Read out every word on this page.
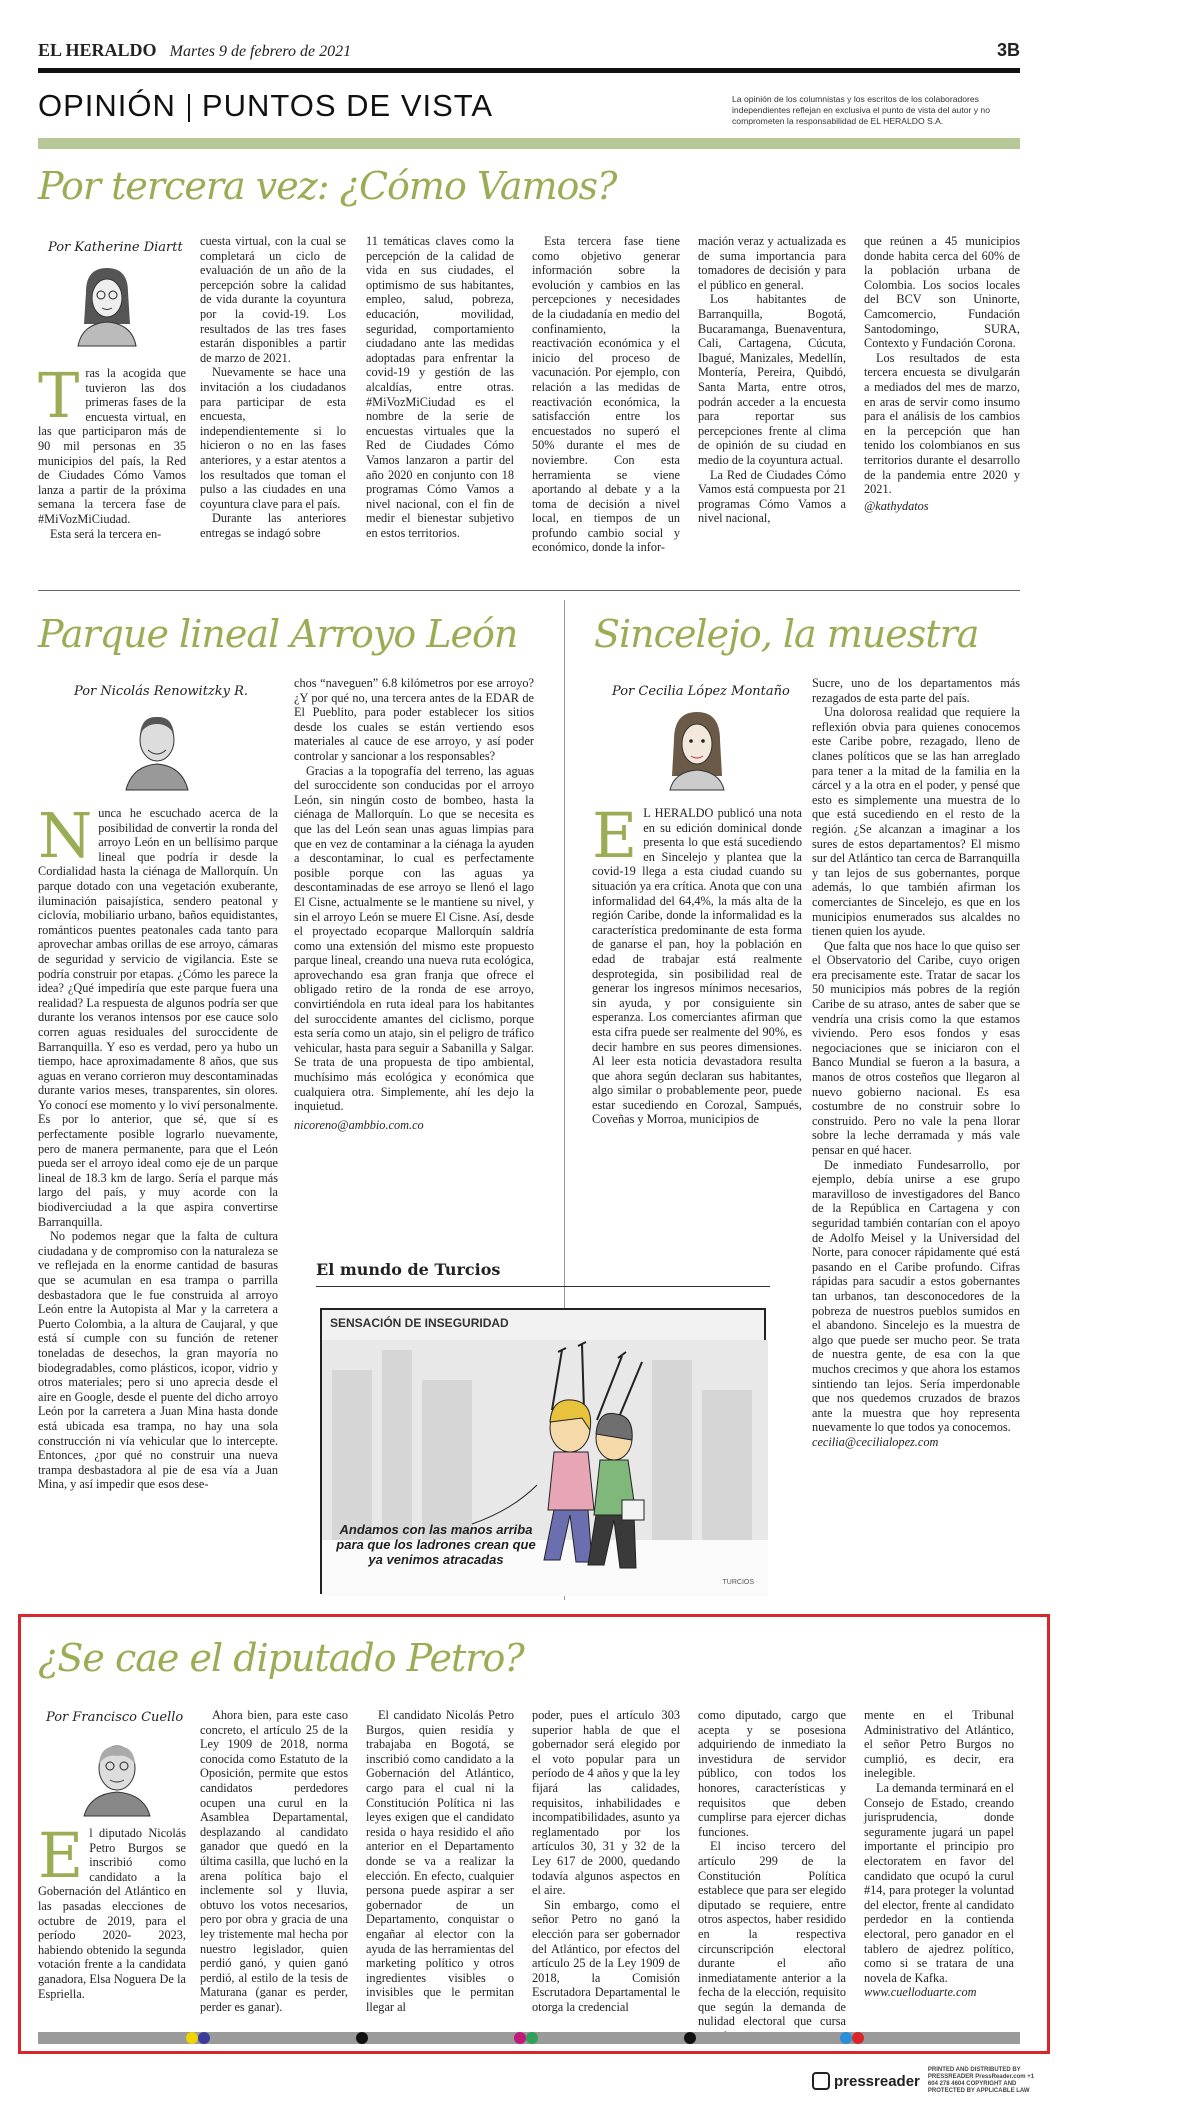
EL HERALDO Martes 9 de febrero de 2021	3B
OPINIÓN PUNTOS DE VISTA	La opinión de los columnistas y los escritos de los colaboradores independientes reflejan en exclusiva el punto de vista del autor y no comprometen la responsabilidad de EL HERALDO S.A.
Por tercera vez: ¿Cómo Vamos?
Por Katherine Diartt

Tras la acogida que tuvieron las dos primeras fases de la encuesta virtual, en las que participaron más de 90 mil personas en 35 municipios del país, la Red de Ciudades Cómo Vamos lanza a partir de la próxima semana la tercera fase de #MiVozMiCiudad.

Esta será la tercera en-

cuesta virtual, con la cual se completará un ciclo de evaluación de un año de la percepción sobre la calidad de vida durante la coyuntura por la covid-19. Los resultados de las tres fases estarán disponibles a partir de marzo de 2021.

Nuevamente se hace una invitación a los ciudadanos para participar de esta encuesta, independientemente si lo hicieron o no en las fases anteriores, y a estar atentos a los resultados que toman el pulso a las ciudades en una coyuntura clave para el país.

Durante las anteriores entregas se indagó sobre

11 temáticas claves como la percepción de la calidad de vida en sus ciudades, el optimismo de sus habitantes, empleo, salud, pobreza, educación, movilidad, seguridad, comportamiento ciudadano ante las medidas adoptadas para enfrentar la covid-19 y gestión de las alcaldías, entre otras. #MiVozMiCiudad es el nombre de la serie de encuestas virtuales que la Red de Ciudades Cómo Vamos lanzaron a partir del año 2020 en conjunto con 18 programas Cómo Vamos a nivel nacional, con el fin de medir el bienestar subjetivo en estos territorios.

Esta tercera fase tiene como objetivo generar información sobre la evolución y cambios en las percepciones y necesidades de la ciudadanía en medio del confinamiento, la reactivación económica y el inicio del proceso de vacunación. Por ejemplo, con relación a las medidas de reactivación económica, la satisfacción entre los encuestados no superó el 50% durante el mes de noviembre. Con esta herramienta se viene aportando al debate y a la toma de decisión a nivel local, en tiempos de un profundo cambio social y económico, donde la infor-

mación veraz y actualizada es de suma importancia para tomadores de decisión y para el público en general.

Los habitantes de Barranquilla, Bogotá, Bucaramanga, Buenaventura, Cali, Cartagena, Cúcuta, Ibagué, Manizales, Medellín, Montería, Pereira, Quibdó, Santa Marta, entre otros, podrán acceder a la encuesta para reportar sus percepciones frente al clima de opinión de su ciudad en medio de la coyuntura actual.

La Red de Ciudades Cómo Vamos está compuesta por 21 programas Cómo Vamos a nivel nacional,

que reúnen a 45 municipios donde habita cerca del 60% de la población urbana de Colombia. Los socios locales del BCV son Uninorte, Camcomercio, Fundación Santodomingo, SURA, Contexto y Fundación Corona.

Los resultados de esta tercera encuesta se divulgarán a mediados del mes de marzo, en aras de servir como insumo para el análisis de los cambios en la percepción que han tenido los colombianos en sus territorios durante el desarrollo de la pandemia entre 2020 y 2021.

@kathydatos

Parque lineal Arroyo León
Por Nicolás Renowitzky R.

Nunca he escuchado acerca de la posibilidad de convertir la ronda del arroyo León en un bellísimo parque lineal que podría ir desde la Cordialidad hasta la ciénaga de Mallorquín. Un parque dotado con una vegetación exuberante, iluminación paisajística, sendero peatonal y ciclovía, mobiliario urbano, baños equidistantes, románticos puentes peatonales cada tanto para aprovechar ambas orillas de ese arroyo, cámaras de seguridad y servicio de vigilancia. Este se podría construir por etapas. ¿Cómo les parece la idea? ¿Qué impediría que este parque fuera una realidad? La respuesta de algunos podría ser que durante los veranos intensos por ese cauce solo corren aguas residuales del suroccidente de Barranquilla. Y eso es verdad, pero ya hubo un tiempo, hace aproximadamente 8 años, que sus aguas en verano corrieron muy descontaminadas durante varios meses, transparentes, sin olores. Yo conocí ese momento y lo viví personalmente. Es por lo anterior, que sé, que sí es perfectamente posible lograrlo nuevamente, pero de manera permanente, para que el León pueda ser el arroyo ideal como eje de un parque lineal de 18.3 km de largo. Sería el parque más largo del país, y muy acorde con la biodiverciudad a la que aspira convertirse Barranquilla.

No podemos negar que la falta de cultura ciudadana y de compromiso con la naturaleza se ve reflejada en la enorme cantidad de basuras que se acumulan en esa trampa o parrilla desbastadora que le fue construida al arroyo León entre la Autopista al Mar y la carretera a Puerto Colombia, a la altura de Caujaral, y que está sí cumple con su función de retener toneladas de desechos, la gran mayoría no biodegradables, como plásticos, icopor, vidrio y otros materiales; pero si uno aprecia desde el aire en Google, desde el puente del dicho arroyo León por la carretera a Juan Mina hasta donde está ubicada esa trampa, no hay una sola construcción ni vía vehicular que lo intercepte. Entonces, ¿por qué no construir una nueva trampa desbastadora al pie de esa vía a Juan Mina, y así impedir que esos dese-

chos “naveguen” 6.8 kilómetros por ese arroyo? ¿Y por qué no, una tercera antes de la EDAR de El Pueblito, para poder establecer los sitios desde los cuales se están vertiendo esos materiales al cauce de ese arroyo, y así poder controlar y sancionar a los responsables?

Gracias a la topografía del terreno, las aguas del suroccidente son conducidas por el arroyo León, sin ningún costo de bombeo, hasta la ciénaga de Mallorquín. Lo que se necesita es que las del León sean unas aguas limpias para que en vez de contaminar a la ciénaga la ayuden a descontaminar, lo cual es perfectamente posible porque con las aguas ya descontaminadas de ese arroyo se llenó el lago El Cisne, actualmente se le mantiene su nivel, y sin el arroyo León se muere El Cisne. Así, desde el proyectado ecoparque Mallorquín saldría como una extensión del mismo este propuesto parque lineal, creando una nueva ruta ecológica, aprovechando esa gran franja que ofrece el obligado retiro de la ronda de ese arroyo, convirtiéndola en ruta ideal para los habitantes del suroccidente amantes del ciclismo, porque esta sería como un atajo, sin el peligro de tráfico vehicular, hasta para seguir a Sabanilla y Salgar. Se trata de una propuesta de tipo ambiental, muchísimo más ecológica y económica que cualquiera otra. Simplemente, ahí les dejo la inquietud.

nicoreno@ambbio.com.co

El mundo de Turcios
SENSACIÓN DE INSEGURIDAD
Andamos con las manos arriba para que los ladrones crean que ya venimos atracadas
TURCIOS
Sincelejo, la muestra
Por Cecilia López Montaño

E L HERALDO publicó una nota en su edición dominical donde presenta lo que está sucediendo en Sincelejo y plantea que la covid-19 llega a esta ciudad cuando su situación ya era crítica. Anota que con una informalidad del 64,4%, la más alta de la región Caribe, donde la informalidad es la característica predominante de esta forma de ganarse el pan, hoy la población en edad de trabajar está realmente desprotegida, sin posibilidad real de generar los ingresos mínimos necesarios, sin ayuda, y por consiguiente sin esperanza. Los comerciantes afirman que esta cifra puede ser realmente del 90%, es decir hambre en sus peores dimensiones. Al leer esta noticia devastadora resulta que ahora según declaran sus habitantes, algo similar o probablemente peor, puede estar sucediendo en Corozal, Sampués, Coveñas y Morroa, municipios de

Sucre, uno de los departamentos más rezagados de esta parte del país.

Una dolorosa realidad que requiere la reflexión obvia para quienes conocemos este Caribe pobre, rezagado, lleno de clanes políticos que se las han arreglado para tener a la mitad de la familia en la cárcel y a la otra en el poder, y pensé que esto es simplemente una muestra de lo que está sucediendo en el resto de la región. ¿Se alcanzan a imaginar a los sures de estos departamentos? El mismo sur del Atlántico tan cerca de Barranquilla y tan lejos de sus gobernantes, porque además, lo que también afirman los comerciantes de Sincelejo, es que en los municipios enumerados sus alcaldes no tienen quien los ayude.

Que falta que nos hace lo que quiso ser el Observatorio del Caribe, cuyo origen era precisamente este. Tratar de sacar los 50 municipios más pobres de la región Caribe de su atraso, antes de saber que se vendría una crisis como la que estamos viviendo. Pero esos fondos y esas negociaciones que se iniciaron con el Banco Mundial se fueron a la basura, a manos de otros costeños que llegaron al nuevo gobierno nacional. Es esa costumbre de no construir sobre lo construido. Pero no vale la pena llorar sobre la leche derramada y más vale pensar en qué hacer.

De inmediato Fundesarrollo, por ejemplo, debía unirse a ese grupo maravilloso de investigadores del Banco de la República en Cartagena y con seguridad también contarían con el apoyo de Adolfo Meisel y la Universidad del Norte, para conocer rápidamente qué está pasando en el Caribe profundo. Cifras rápidas para sacudir a estos gobernantes tan urbanos, tan desconocedores de la pobreza de nuestros pueblos sumidos en el abandono. Sincelejo es la muestra de algo que puede ser mucho peor. Se trata de nuestra gente, de esa con la que muchos crecimos y que ahora los estamos sintiendo tan lejos. Sería imperdonable que nos quedemos cruzados de brazos ante la muestra que hoy representa nuevamente lo que todos ya conocemos.

cecilia@cecilialopez.com

¿Se cae el diputado Petro?
Por Francisco Cuello

El diputado Nicolás Petro Burgos se inscribió como candidato a la Gobernación del Atlántico en las pasadas elecciones de octubre de 2019, para el período 2020- 2023, habiendo obtenido la segunda votación frente a la candidata ganadora, Elsa Noguera De la Espriella.

Ahora bien, para este caso concreto, el artículo 25 de la Ley 1909 de 2018, norma conocida como Estatuto de la Oposición, permite que estos candidatos perdedores ocupen una curul en la Asamblea Departamental, desplazando al candidato ganador que quedó en la última casilla, que luchó en la arena política bajo el inclemente sol y lluvia, obtuvo los votos necesarios, pero por obra y gracia de una ley tristemente mal hecha por nuestro legislador, quien perdió ganó, y quien ganó perdió, al estilo de la tesis de Maturana (ganar es perder, perder es ganar).

El candidato Nicolás Petro Burgos, quien residía y trabajaba en Bogotá, se inscribió como candidato a la Gobernación del Atlántico, cargo para el cual ni la Constitución Política ni las leyes exigen que el candidato resida o haya residido el año anterior en el Departamento donde se va a realizar la elección. En efecto, cualquier persona puede aspirar a ser gobernador de un Departamento, conquistar o engañar al elector con la ayuda de las herramientas del marketing político y otros ingredientes visibles o invisibles que le permitan llegar al

poder, pues el artículo 303 superior habla de que el gobernador será elegido por el voto popular para un período de 4 años y que la ley fijará las calidades, requisitos, inhabilidades e incompatibilidades, asunto ya reglamentado por los artículos 30, 31 y 32 de la Ley 617 de 2000, quedando todavía algunos aspectos en el aire.

Sin embargo, como el señor Petro no ganó la elección para ser gobernador del Atlántico, por efectos del artículo 25 de la Ley 1909 de 2018, la Comisión Escrutadora Departamental le otorga la credencial

como diputado, cargo que acepta y se posesiona adquiriendo de inmediato la investidura de servidor público, con todos los honores, características y requisitos que deben cumplirse para ejercer dichas funciones.

El inciso tercero del artículo 299 de la Constitución Política establece que para ser elegido diputado se requiere, entre otros aspectos, haber residido en la respectiva circunscripción electoral durante el año inmediatamente anterior a la fecha de la elección, requisito que según la demanda de nulidad electoral que cursa

mente en el Tribunal Administrativo del Atlántico, el señor Petro Burgos no cumplió, es decir, era inelegible.

La demanda terminará en el Consejo de Estado, creando jurisprudencia, donde seguramente jugará un papel importante el principio pro electoratem en favor del candidato que ocupó la curul #14, para proteger la voluntad del elector, frente al candidato perdedor en la contienda electoral, pero ganador en el tablero de ajedrez político, como si se tratara de una novela de Kafka.

www.cuelloduarte.com

pressreader
PRINTED AND DISTRIBUTED BY PRESSREADER PressReader.com +1 604 278 4604 COPYRIGHT AND PROTECTED BY APPLICABLE LAW
